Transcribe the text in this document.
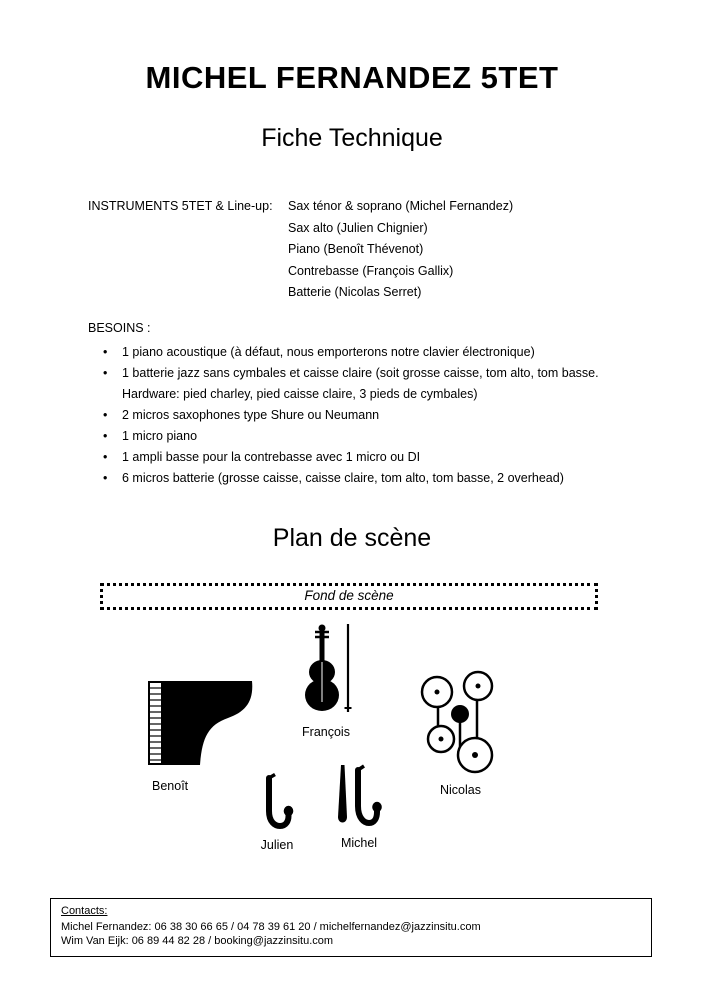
MICHEL FERNANDEZ 5TET
Fiche Technique
INSTRUMENTS 5TET & Line-up:	Sax ténor & soprano (Michel Fernandez)
Sax alto (Julien Chignier)
Piano (Benoît Thévenot)
Contrebasse (François Gallix)
Batterie (Nicolas Serret)
BESOINS :
• 1 piano acoustique (à défaut, nous emporterons notre clavier électronique)
• 1 batterie jazz sans cymbales et caisse claire (soit grosse caisse, tom alto, tom basse. Hardware: pied charley, pied caisse claire, 3 pieds de cymbales)
• 2 micros saxophones type Shure ou Neumann
• 1 micro piano
• 1 ampli basse pour la contrebasse avec 1 micro ou DI
• 6 micros batterie (grosse caisse, caisse claire, tom alto, tom basse, 2 overhead)
Plan de scène
Fond de scène
Benoît
François
Nicolas
Julien	Michel
Contacts:
Michel Fernandez: 06 38 30 66 65 / 04 78 39 61 20 / michelfernandez@jazzinsitu.com
Wim Van Eijk: 06 89 44 82 28 / booking@jazzinsitu.com
